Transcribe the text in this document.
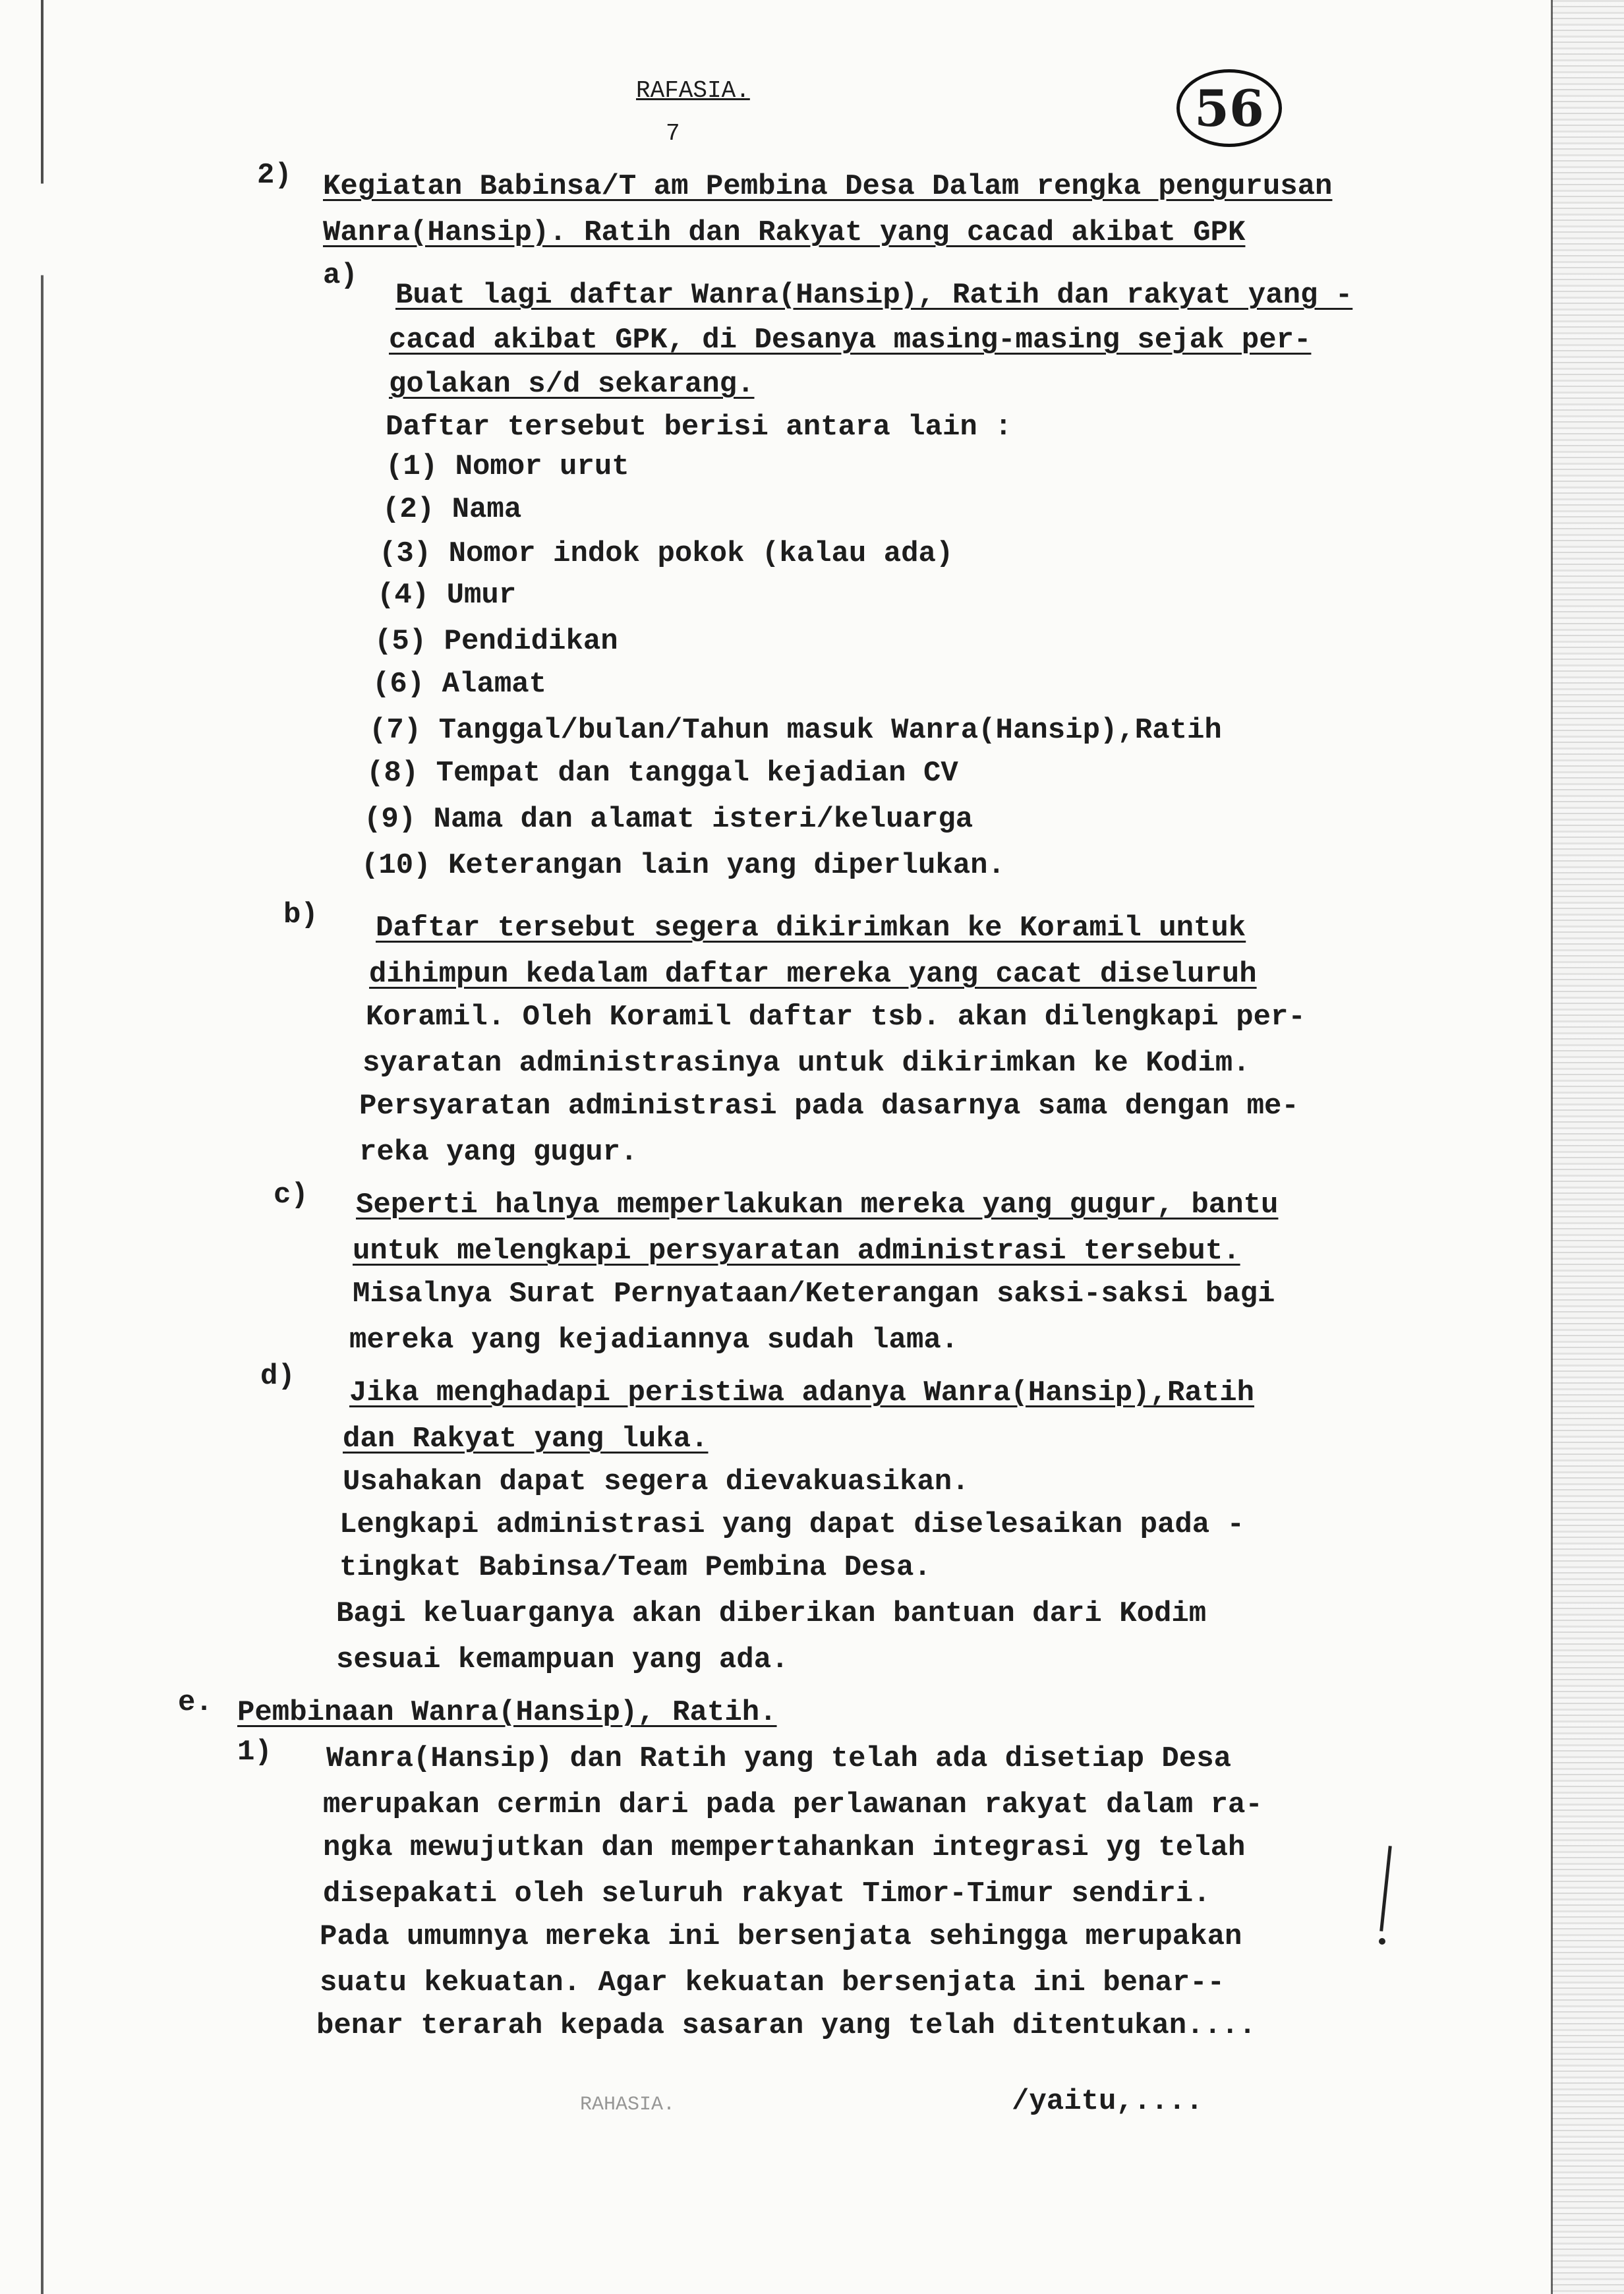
RAFASIA.
7	56
2) Kegiatan Babinsa/T am Pembina Desa Dalam rengka pengurusan
Wanra(Hansip). Ratih dan Rakyat yang cacad akibat GPK
a)
Buat lagi daftar Wanra(Hansip), Ratih dan rakyat yang -
cacad akibat GPK, di Desanya masing-masing sejak per-
golakan s/d sekarang.
Daftar tersebut berisi antara lain :
(1) Nomor urut
(2) Nama
(3) Nomor indok pokok (kalau ada)
(4) Umur
(5) Pendidikan
(6) Alamat
(7) Tanggal/bulan/Tahun masuk Wanra(Hansip),Ratih
(8) Tempat dan tanggal kejadian CV
(9) Nama dan alamat isteri/keluarga
(10) Keterangan lain yang diperlukan.
b) Daftar tersebut segera dikirimkan ke Koramil untuk
dihimpun kedalam daftar mereka yang cacat diseluruh
Koramil. Oleh Koramil daftar tsb. akan dilengkapi per-
syaratan administrasinya untuk dikirimkan ke Kodim.
Persyaratan administrasi pada dasarnya sama dengan me-
reka yang gugur.
c) Seperti halnya memperlakukan mereka yang gugur, bantu
untuk melengkapi persyaratan administrasi tersebut.
Misalnya Surat Pernyataan/Keterangan saksi-saksi bagi
mereka yang kejadiannya sudah lama.
d) Jika menghadapi peristiwa adanya Wanra(Hansip),Ratih
dan Rakyat yang luka.
Usahakan dapat segera dievakuasikan.
Lengkapi administrasi yang dapat diselesaikan pada -
tingkat Babinsa/Team Pembina Desa.
Bagi keluarganya akan diberikan bantuan dari Kodim
sesuai kemampuan yang ada.
e. Pembinaan Wanra(Hansip), Ratih.
1) Wanra(Hansip) dan Ratih yang telah ada disetiap Desa
merupakan cermin dari pada perlawanan rakyat dalam ra-
ngka mewujutkan dan mempertahankan integrasi yg telah
disepakati oleh seluruh rakyat Timor-Timur sendiri.
Pada umumnya mereka ini bersenjata sehingga merupakan
suatu kekuatan. Agar kekuatan bersenjata ini benar--
benar terarah kepada sasaran yang telah ditentukan....
RAHASIA.	/yaitu,....
